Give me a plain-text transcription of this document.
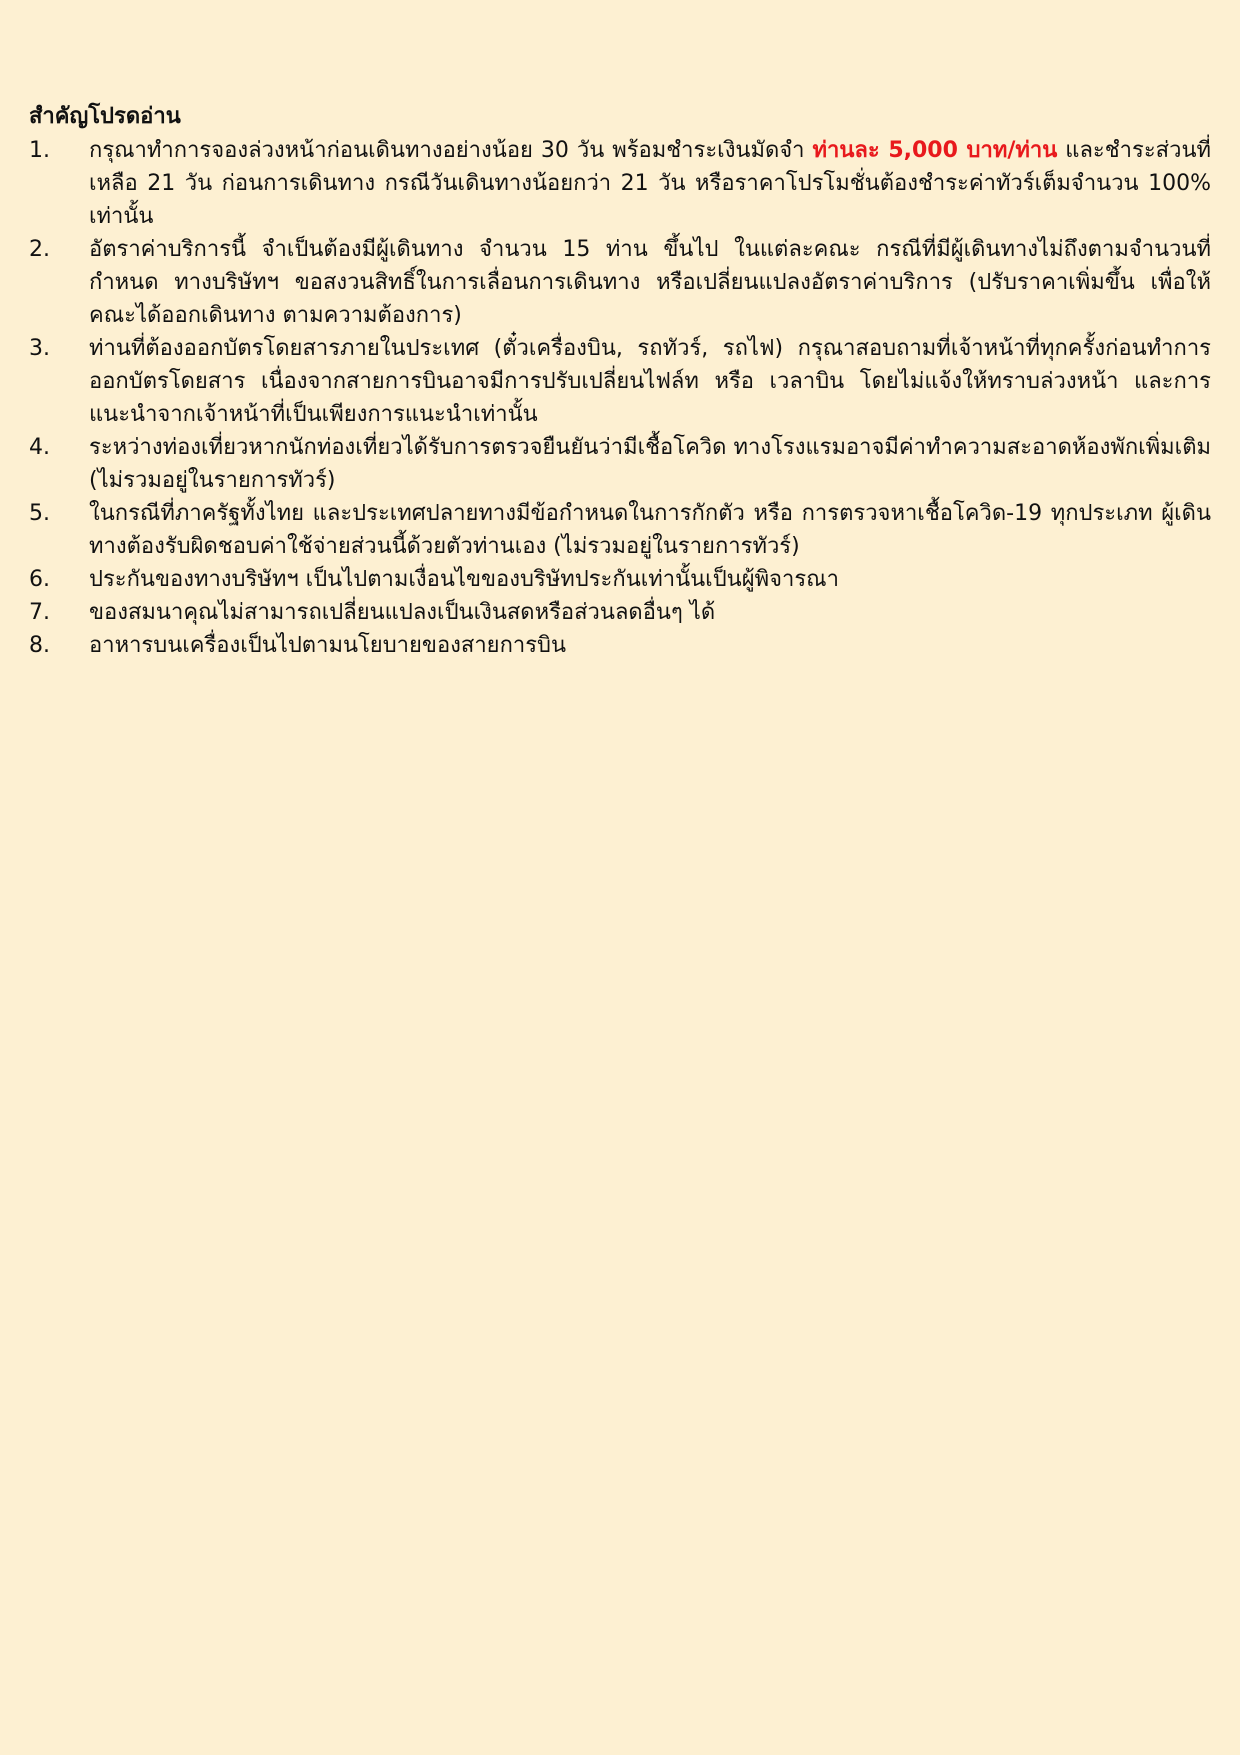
สำคัญโปรดอ่าน

1.	กรุณาทำการจองล่วงหน้าก่อนเดินทางอย่างน้อย 30 วัน พร้อมชำระเงินมัดจำ ท่านละ 5,000 บาท/ท่าน และชำระส่วนที่เหลือ 21 วัน ก่อนการเดินทาง กรณีวันเดินทางน้อยกว่า 21 วัน หรือราคาโปรโมชั่นต้องชำระค่าทัวร์เต็มจำนวน 100% เท่านั้น
2.	อัตราค่าบริการนี้ จำเป็นต้องมีผู้เดินทาง จำนวน 15 ท่าน ขึ้นไป ในแต่ละคณะ กรณีที่มีผู้เดินทางไม่ถึงตามจำนวนที่กำหนด ทางบริษัทฯ ขอสงวนสิทธิ์ในการเลื่อนการเดินทาง หรือเปลี่ยนแปลงอัตราค่าบริการ (ปรับราคาเพิ่มขึ้น เพื่อให้คณะได้ออกเดินทาง ตามความต้องการ)
3.	ท่านที่ต้องออกบัตรโดยสารภายในประเทศ (ตั๋วเครื่องบิน, รถทัวร์, รถไฟ) กรุณาสอบถามที่เจ้าหน้าที่ทุกครั้งก่อนทำการออกบัตรโดยสาร เนื่องจากสายการบินอาจมีการปรับเปลี่ยนไฟล์ท หรือ เวลาบิน โดยไม่แจ้งให้ทราบล่วงหน้า และการแนะนำจากเจ้าหน้าที่เป็นเพียงการแนะนำเท่านั้น
4.	ระหว่างท่องเที่ยวหากนักท่องเที่ยวได้รับการตรวจยืนยันว่ามีเชื้อโควิด ทางโรงแรมอาจมีค่าทำความสะอาดห้องพักเพิ่มเติม (ไม่รวมอยู่ในรายการทัวร์)
5.	ในกรณีที่ภาครัฐทั้งไทย และประเทศปลายทางมีข้อกำหนดในการกักตัว หรือ การตรวจหาเชื้อโควิด-19 ทุกประเภท ผู้เดินทางต้องรับผิดชอบค่าใช้จ่ายส่วนนี้ด้วยตัวท่านเอง (ไม่รวมอยู่ในรายการทัวร์)
6.	ประกันของทางบริษัทฯ เป็นไปตามเงื่อนไขของบริษัทประกันเท่านั้นเป็นผู้พิจารณา
7.	ของสมนาคุณไม่สามารถเปลี่ยนแปลงเป็นเงินสดหรือส่วนลดอื่นๆ ได้
8.	อาหารบนเครื่องเป็นไปตามนโยบายของสายการบิน
